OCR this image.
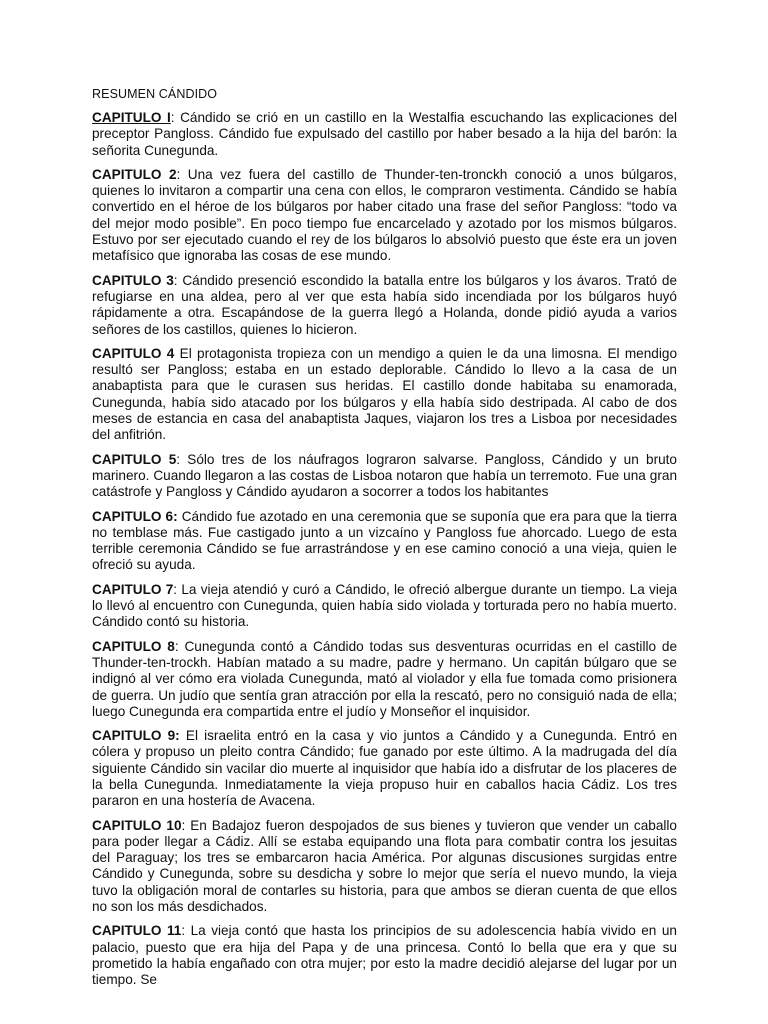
RESUMEN CÁNDIDO

CAPITULO I: Cándido se crió en un castillo en la Westalfia escuchando las explicaciones del preceptor Pangloss. Cándido fue expulsado del castillo por haber besado a la hija del barón: la señorita Cunegunda.

CAPITULO 2: Una vez fuera del castillo de Thunder-ten-tronckh conoció a unos búlgaros, quienes lo invitaron a compartir una cena con ellos, le compraron vestimenta. Cándido se había convertido en el héroe de los búlgaros por haber citado una frase del señor Pangloss: “todo va del mejor modo posible”. En poco tiempo fue encarcelado y azotado por los mismos búlgaros. Estuvo por ser ejecutado cuando el rey de los búlgaros lo absolvió puesto que éste era un joven metafísico que ignoraba las cosas de ese mundo.

CAPITULO 3: Cándido presenció escondido la batalla entre los búlgaros y los ávaros. Trató de refugiarse en una aldea, pero al ver que esta había sido incendiada por los búlgaros huyó rápidamente a otra. Escapándose de la guerra llegó a Holanda, donde pidió ayuda a varios señores de los castillos, quienes lo hicieron.

CAPITULO 4 El protagonista tropieza con un mendigo a quien le da una limosna. El mendigo resultó ser Pangloss; estaba en un estado deplorable. Cándido lo llevo a la casa de un anabaptista para que le curasen sus heridas. El castillo donde habitaba su enamorada, Cunegunda, había sido atacado por los búlgaros y ella había sido destripada. Al cabo de dos meses de estancia en casa del anabaptista Jaques, viajaron los tres a Lisboa por necesidades del anfitrión.

CAPITULO 5: Sólo tres de los náufragos lograron salvarse. Pangloss, Cándido y un bruto marinero. Cuando llegaron a las costas de Lisboa notaron que había un terremoto. Fue una gran catástrofe y Pangloss y Cándido ayudaron a socorrer a todos los habitantes

CAPITULO 6: Cándido fue azotado en una ceremonia que se suponía que era para que la tierra no temblase más. Fue castigado junto a un vizcaíno y Pangloss fue ahorcado. Luego de esta terrible ceremonia Cándido se fue arrastrándose y en ese camino conoció a una vieja, quien le ofreció su ayuda.

CAPITULO 7: La vieja atendió y curó a Cándido, le ofreció albergue durante un tiempo. La vieja lo llevó al encuentro con Cunegunda, quien había sido violada y torturada pero no había muerto. Cándido contó su historia.

CAPITULO 8: Cunegunda contó a Cándido todas sus desventuras ocurridas en el castillo de Thunder-ten-trockh. Habían matado a su madre, padre y hermano. Un capitán búlgaro que se indignó al ver cómo era violada Cunegunda, mató al violador y ella fue tomada como prisionera de guerra. Un judío que sentía gran atracción por ella la rescató, pero no consiguió nada de ella; luego Cunegunda era compartida entre el judío y Monseñor el inquisidor.

CAPITULO 9: El israelita entró en la casa y vio juntos a Cándido y a Cunegunda. Entró en cólera y propuso un pleito contra Cándido; fue ganado por este último. A la madrugada del día siguiente Cándido sin vacilar dio muerte al inquisidor que había ido a disfrutar de los placeres de la bella Cunegunda. Inmediatamente la vieja propuso huir en caballos hacia Cádiz. Los tres pararon en una hostería de Avacena.

CAPITULO 10: En Badajoz fueron despojados de sus bienes y tuvieron que vender un caballo para poder llegar a Cádiz. Allí se estaba equipando una flota para combatir contra los jesuitas del Paraguay; los tres se embarcaron hacia América. Por algunas discusiones surgidas entre Cándido y Cunegunda, sobre su desdicha y sobre lo mejor que sería el nuevo mundo, la vieja tuvo la obligación moral de contarles su historia, para que ambos se dieran cuenta de que ellos no son los más desdichados.

CAPITULO 11: La vieja contó que hasta los principios de su adolescencia había vivido en un palacio, puesto que era hija del Papa y de una princesa. Contó lo bella que era y que su prometido la había engañado con otra mujer; por esto la madre decidió alejarse del lugar por un tiempo. Se
